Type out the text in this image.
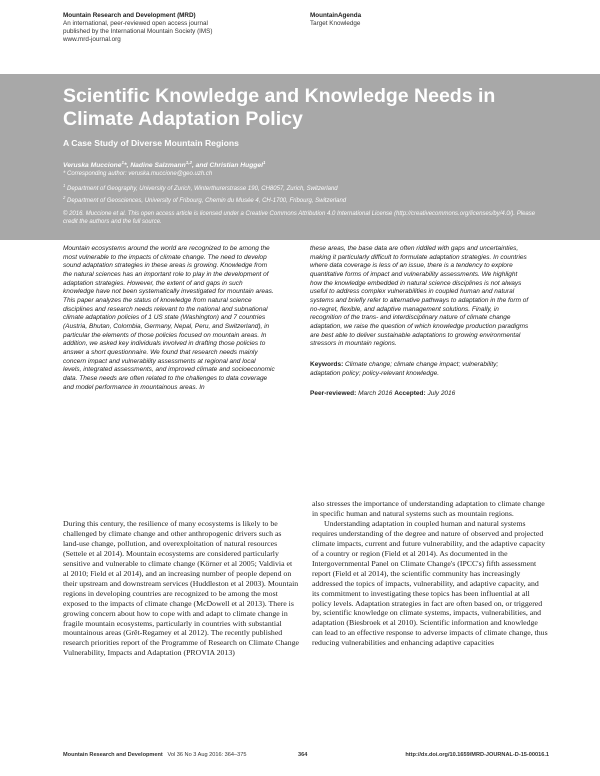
Mountain Research and Development (MRD)
An international, peer-reviewed open access journal
published by the International Mountain Society (IMS)
www.mrd-journal.org
MountainAgenda
Target Knowledge
Scientific Knowledge and Knowledge Needs in Climate Adaptation Policy
A Case Study of Diverse Mountain Regions
Veruska Muccione$^1$*, Nadine Salzmann$^{1,2}$, and Christian Huggel$^1$
* Corresponding author: veruska.muccione@geo.uzh.ch
$^1$ Department of Geography, University of Zurich, Winterthurerstrasse 190, CH8057, Zurich, Switzerland
$^2$ Department of Geosciences, University of Fribourg, Chemin du Musée 4, CH-1700, Fribourg, Switzerland
© 2016. Muccione et al. This open access article is licensed under a Creative Commons Attribution 4.0 International License (http://creativecommons.org/licenses/by/4.0/). Please credit the authors and the full source.

Mountain ecosystems around the world are recognized to be among the most vulnerable to the impacts of climate change. The need to develop sound adaptation strategies in these areas is growing. Knowledge from the natural sciences has an important role to play in the development of adaptation strategies. However, the extent of and gaps in such knowledge have not been systematically investigated for mountain areas. This paper analyzes the status of knowledge from natural science disciplines and research needs relevant to the national and subnational climate adaptation policies of 1 US state (Washington) and 7 countries (Austria, Bhutan, Colombia, Germany, Nepal, Peru, and Switzerland), in particular the elements of those policies focused on mountain areas. In addition, we asked key individuals involved in drafting those policies to answer a short questionnaire. We found that research needs mainly concern impact and vulnerability assessments at regional and local levels, integrated assessments, and improved climate and socioeconomic data. These needs are often related to the challenges to data coverage and model performance in mountainous areas. In

these areas, the base data are often riddled with gaps and uncertainties, making it particularly difficult to formulate adaptation strategies. In countries where data coverage is less of an issue, there is a tendency to explore quantitative forms of impact and vulnerability assessments. We highlight how the knowledge embedded in natural science disciplines is not always useful to address complex vulnerabilities in coupled human and natural systems and briefly refer to alternative pathways to adaptation in the form of no-regret, flexible, and adaptive management solutions. Finally, in recognition of the trans- and interdisciplinary nature of climate change adaptation, we raise the question of which knowledge production paradigms are best able to deliver sustainable adaptations to growing environmental stressors in mountain regions.

Keywords: Climate change; climate change impact; vulnerability; adaptation policy; policy-relevant knowledge.

Peer-reviewed: March 2016 Accepted: July 2016

During this century, the resilience of many ecosystems is likely to be challenged by climate change and other anthropogenic drivers such as land-use change, pollution, and overexploitation of natural resources (Settele et al 2014). Mountain ecosystems are considered particularly sensitive and vulnerable to climate change (Körner et al 2005; Valdivia et al 2010; Field et al 2014), and an increasing number of people depend on their upstream and downstream services (Huddleston et al 2003). Mountain regions in developing countries are recognized to be among the most exposed to the impacts of climate change (McDowell et al 2013). There is growing concern about how to cope with and adapt to climate change in fragile mountain ecosystems, particularly in countries with substantial mountainous areas (Grêt-Regamey et al 2012). The recently published research priorities report of the Programme of Research on Climate Change Vulnerability, Impacts and Adaptation (PROVIA 2013)

also stresses the importance of understanding adaptation to climate change in specific human and natural systems such as mountain regions.

Understanding adaptation in coupled human and natural systems requires understanding of the degree and nature of observed and projected climate impacts, current and future vulnerability, and the adaptive capacity of a country or region (Field et al 2014). As documented in the Intergovernmental Panel on Climate Change's (IPCC's) fifth assessment report (Field et al 2014), the scientific community has increasingly addressed the topics of impacts, vulnerability, and adaptive capacity, and its commitment to investigating these topics has been influential at all policy levels. Adaptation strategies in fact are often based on, or triggered by, scientific knowledge on climate systems, impacts, vulnerabilities, and adaptation (Biesbroek et al 2010). Scientific information and knowledge can lead to an effective response to adverse impacts of climate change, thus reducing vulnerabilities and enhancing adaptive capacities

Mountain Research and Development Vol 36 No 3 Aug 2016: 364–375	364	http://dx.doi.org/10.1659/MRD-JOURNAL-D-15-00016.1
